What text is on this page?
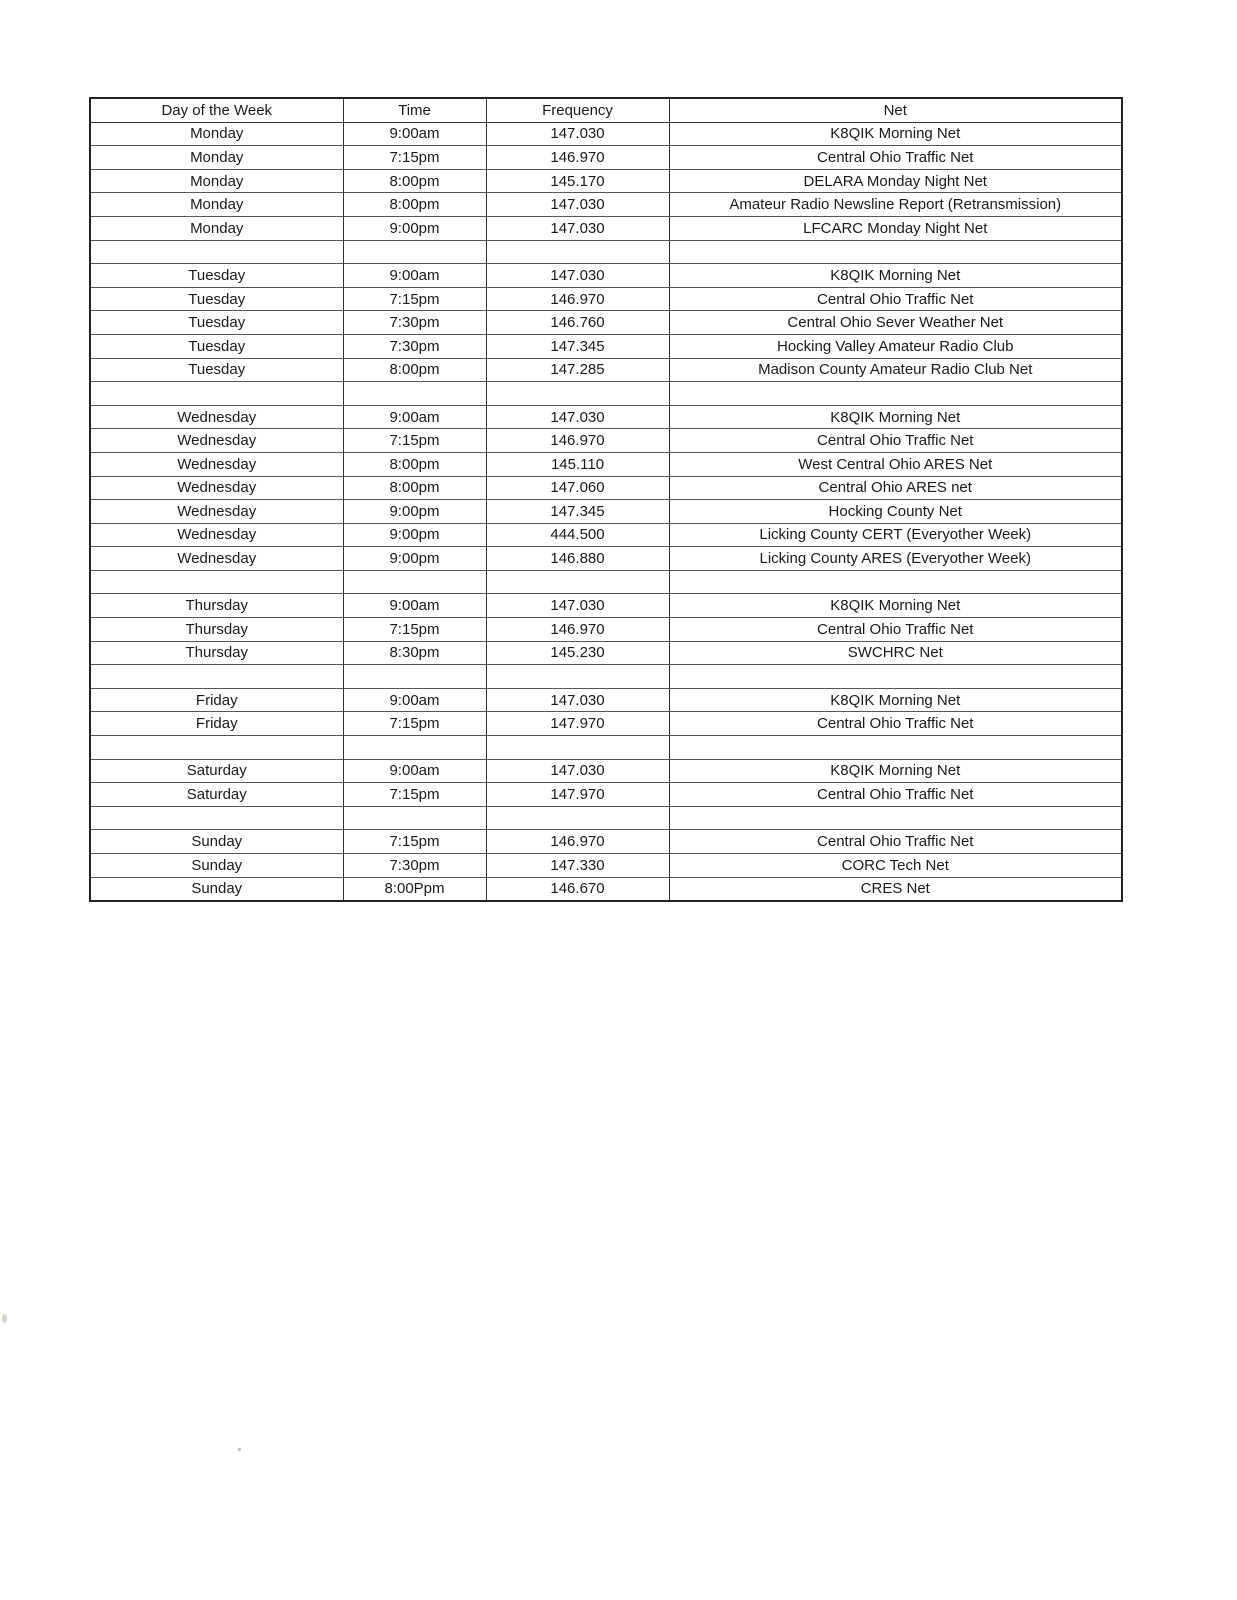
Day of the Week	Time	Frequency	Net
Monday	9:00am	147.030	K8QIK Morning Net
Monday	7:15pm	146.970	Central Ohio Traffic Net
Monday	8:00pm	145.170	DELARA Monday Night Net
Monday	8:00pm	147.030	Amateur Radio Newsline Report (Retransmission)
Monday	9:00pm	147.030	LFCARC Monday Night Net

Tuesday	9:00am	147.030	K8QIK Morning Net
Tuesday	7:15pm	146.970	Central Ohio Traffic Net
Tuesday	7:30pm	146.760	Central Ohio Sever Weather Net
Tuesday	7:30pm	147.345	Hocking Valley Amateur Radio Club
Tuesday	8:00pm	147.285	Madison County Amateur Radio Club Net

Wednesday	9:00am	147.030	K8QIK Morning Net
Wednesday	7:15pm	146.970	Central Ohio Traffic Net
Wednesday	8:00pm	145.110	West Central Ohio ARES Net
Wednesday	8:00pm	147.060	Central Ohio ARES net
Wednesday	9:00pm	147.345	Hocking County Net
Wednesday	9:00pm	444.500	Licking County CERT (Everyother Week)
Wednesday	9:00pm	146.880	Licking County ARES (Everyother Week)

Thursday	9:00am	147.030	K8QIK Morning Net
Thursday	7:15pm	146.970	Central Ohio Traffic Net
Thursday	8:30pm	145.230	SWCHRC Net

Friday	9:00am	147.030	K8QIK Morning Net
Friday	7:15pm	147.970	Central Ohio Traffic Net

Saturday	9:00am	147.030	K8QIK Morning Net
Saturday	7:15pm	147.970	Central Ohio Traffic Net

Sunday	7:15pm	146.970	Central Ohio Traffic Net
Sunday	7:30pm	147.330	CORC Tech Net
Sunday	8:00Ppm	146.670	CRES Net
